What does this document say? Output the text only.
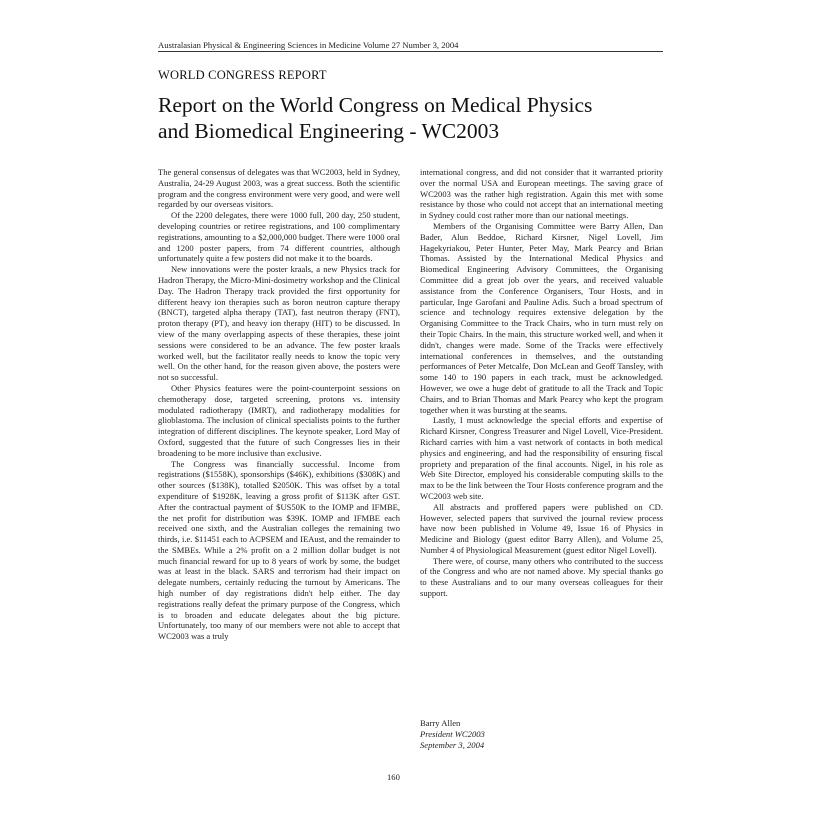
Australasian Physical & Engineering Sciences in Medicine Volume 27 Number 3, 2004
WORLD CONGRESS REPORT
Report on the World Congress on Medical Physics
and Biomedical Engineering - WC2003

The general consensus of delegates was that WC2003, held in Sydney, Australia, 24-29 August 2003, was a great success. Both the scientific program and the congress environment were very good, and were well regarded by our overseas visitors.

Of the 2200 delegates, there were 1000 full, 200 day, 250 student, developing countries or retiree registrations, and 100 complimentary registrations, amounting to a $2,000,000 budget. There were 1000 oral and 1200 poster papers, from 74 different countries, although unfortunately quite a few posters did not make it to the boards.

New innovations were the poster kraals, a new Physics track for Hadron Therapy, the Micro-Mini-dosimetry workshop and the Clinical Day. The Hadron Therapy track provided the first opportunity for different heavy ion therapies such as boron neutron capture therapy (BNCT), targeted alpha therapy (TAT), fast neutron therapy (FNT), proton therapy (PT), and heavy ion therapy (HIT) to be discussed. In view of the many overlapping aspects of these therapies, these joint sessions were considered to be an advance. The few poster kraals worked well, but the facilitator really needs to know the topic very well. On the other hand, for the reason given above, the posters were not so successful.

Other Physics features were the point-counterpoint sessions on chemotherapy dose, targeted screening, protons vs. intensity modulated radiotherapy (IMRT), and radiotherapy modalities for glioblastoma. The inclusion of clinical specialists points to the further integration of different disciplines. The keynote speaker, Lord May of Oxford, suggested that the future of such Congresses lies in their broadening to be more inclusive than exclusive.

The Congress was financially successful. Income from registrations ($1558K), sponsorships ($46K), exhibitions ($308K) and other sources ($138K), totalled $2050K. This was offset by a total expenditure of $1928K, leaving a gross profit of $113K after GST. After the contractual payment of $US50K to the IOMP and IFMBE, the net profit for distribution was $39K. IOMP and IFMBE each received one sixth, and the Australian colleges the remaining two thirds, i.e. $11451 each to ACPSEM and IEAust, and the remainder to the SMBEs. While a 2% profit on a 2 million dollar budget is not much financial reward for up to 8 years of work by some, the budget was at least in the black. SARS and terrorism had their impact on delegate numbers, certainly reducing the turnout by Americans. The high number of day registrations didn't help either. The day registrations really defeat the primary purpose of the Congress, which is to broaden and educate delegates about the big picture. Unfortunately, too many of our members were not able to accept that WC2003 was a truly

international congress, and did not consider that it warranted priority over the normal USA and European meetings. The saving grace of WC2003 was the rather high registration. Again this met with some resistance by those who could not accept that an international meeting in Sydney could cost rather more than our national meetings.

Members of the Organising Committee were Barry Allen, Dan Bader, Alun Beddoe, Richard Kirsner, Nigel Lovell, Jim Hagekyriakou, Peter Hunter, Peter May, Mark Pearcy and Brian Thomas. Assisted by the International Medical Physics and Biomedical Engineering Advisory Committees, the Organising Committee did a great job over the years, and received valuable assistance from the Conference Organisers, Tour Hosts, and in particular, Inge Garofani and Pauline Adis. Such a broad spectrum of science and technology requires extensive delegation by the Organising Committee to the Track Chairs, who in turn must rely on their Topic Chairs. In the main, this structure worked well, and when it didn't, changes were made. Some of the Tracks were effectively international conferences in themselves, and the outstanding performances of Peter Metcalfe, Don McLean and Geoff Tansley, with some 140 to 190 papers in each track, must be acknowledged. However, we owe a huge debt of gratitude to all the Track and Topic Chairs, and to Brian Thomas and Mark Pearcy who kept the program together when it was bursting at the seams.

Lastly, I must acknowledge the special efforts and expertise of Richard Kirsner, Congress Treasurer and Nigel Lovell, Vice-President. Richard carries with him a vast network of contacts in both medical physics and engineering, and had the responsibility of ensuring fiscal propriety and preparation of the final accounts. Nigel, in his role as Web Site Director, employed his considerable computing skills to the max to be the link between the Tour Hosts conference program and the WC2003 web site.

All abstracts and proffered papers were published on CD. However, selected papers that survived the journal review process have now been published in Volume 49, Issue 16 of Physics in Medicine and Biology (guest editor Barry Allen), and Volume 25, Number 4 of Physiological Measurement (guest editor Nigel Lovell).

There were, of course, many others who contributed to the success of the Congress and who are not named above. My special thanks go to these Australians and to our many overseas colleagues for their support.

Barry Allen
President WC2003
September 3, 2004
160
